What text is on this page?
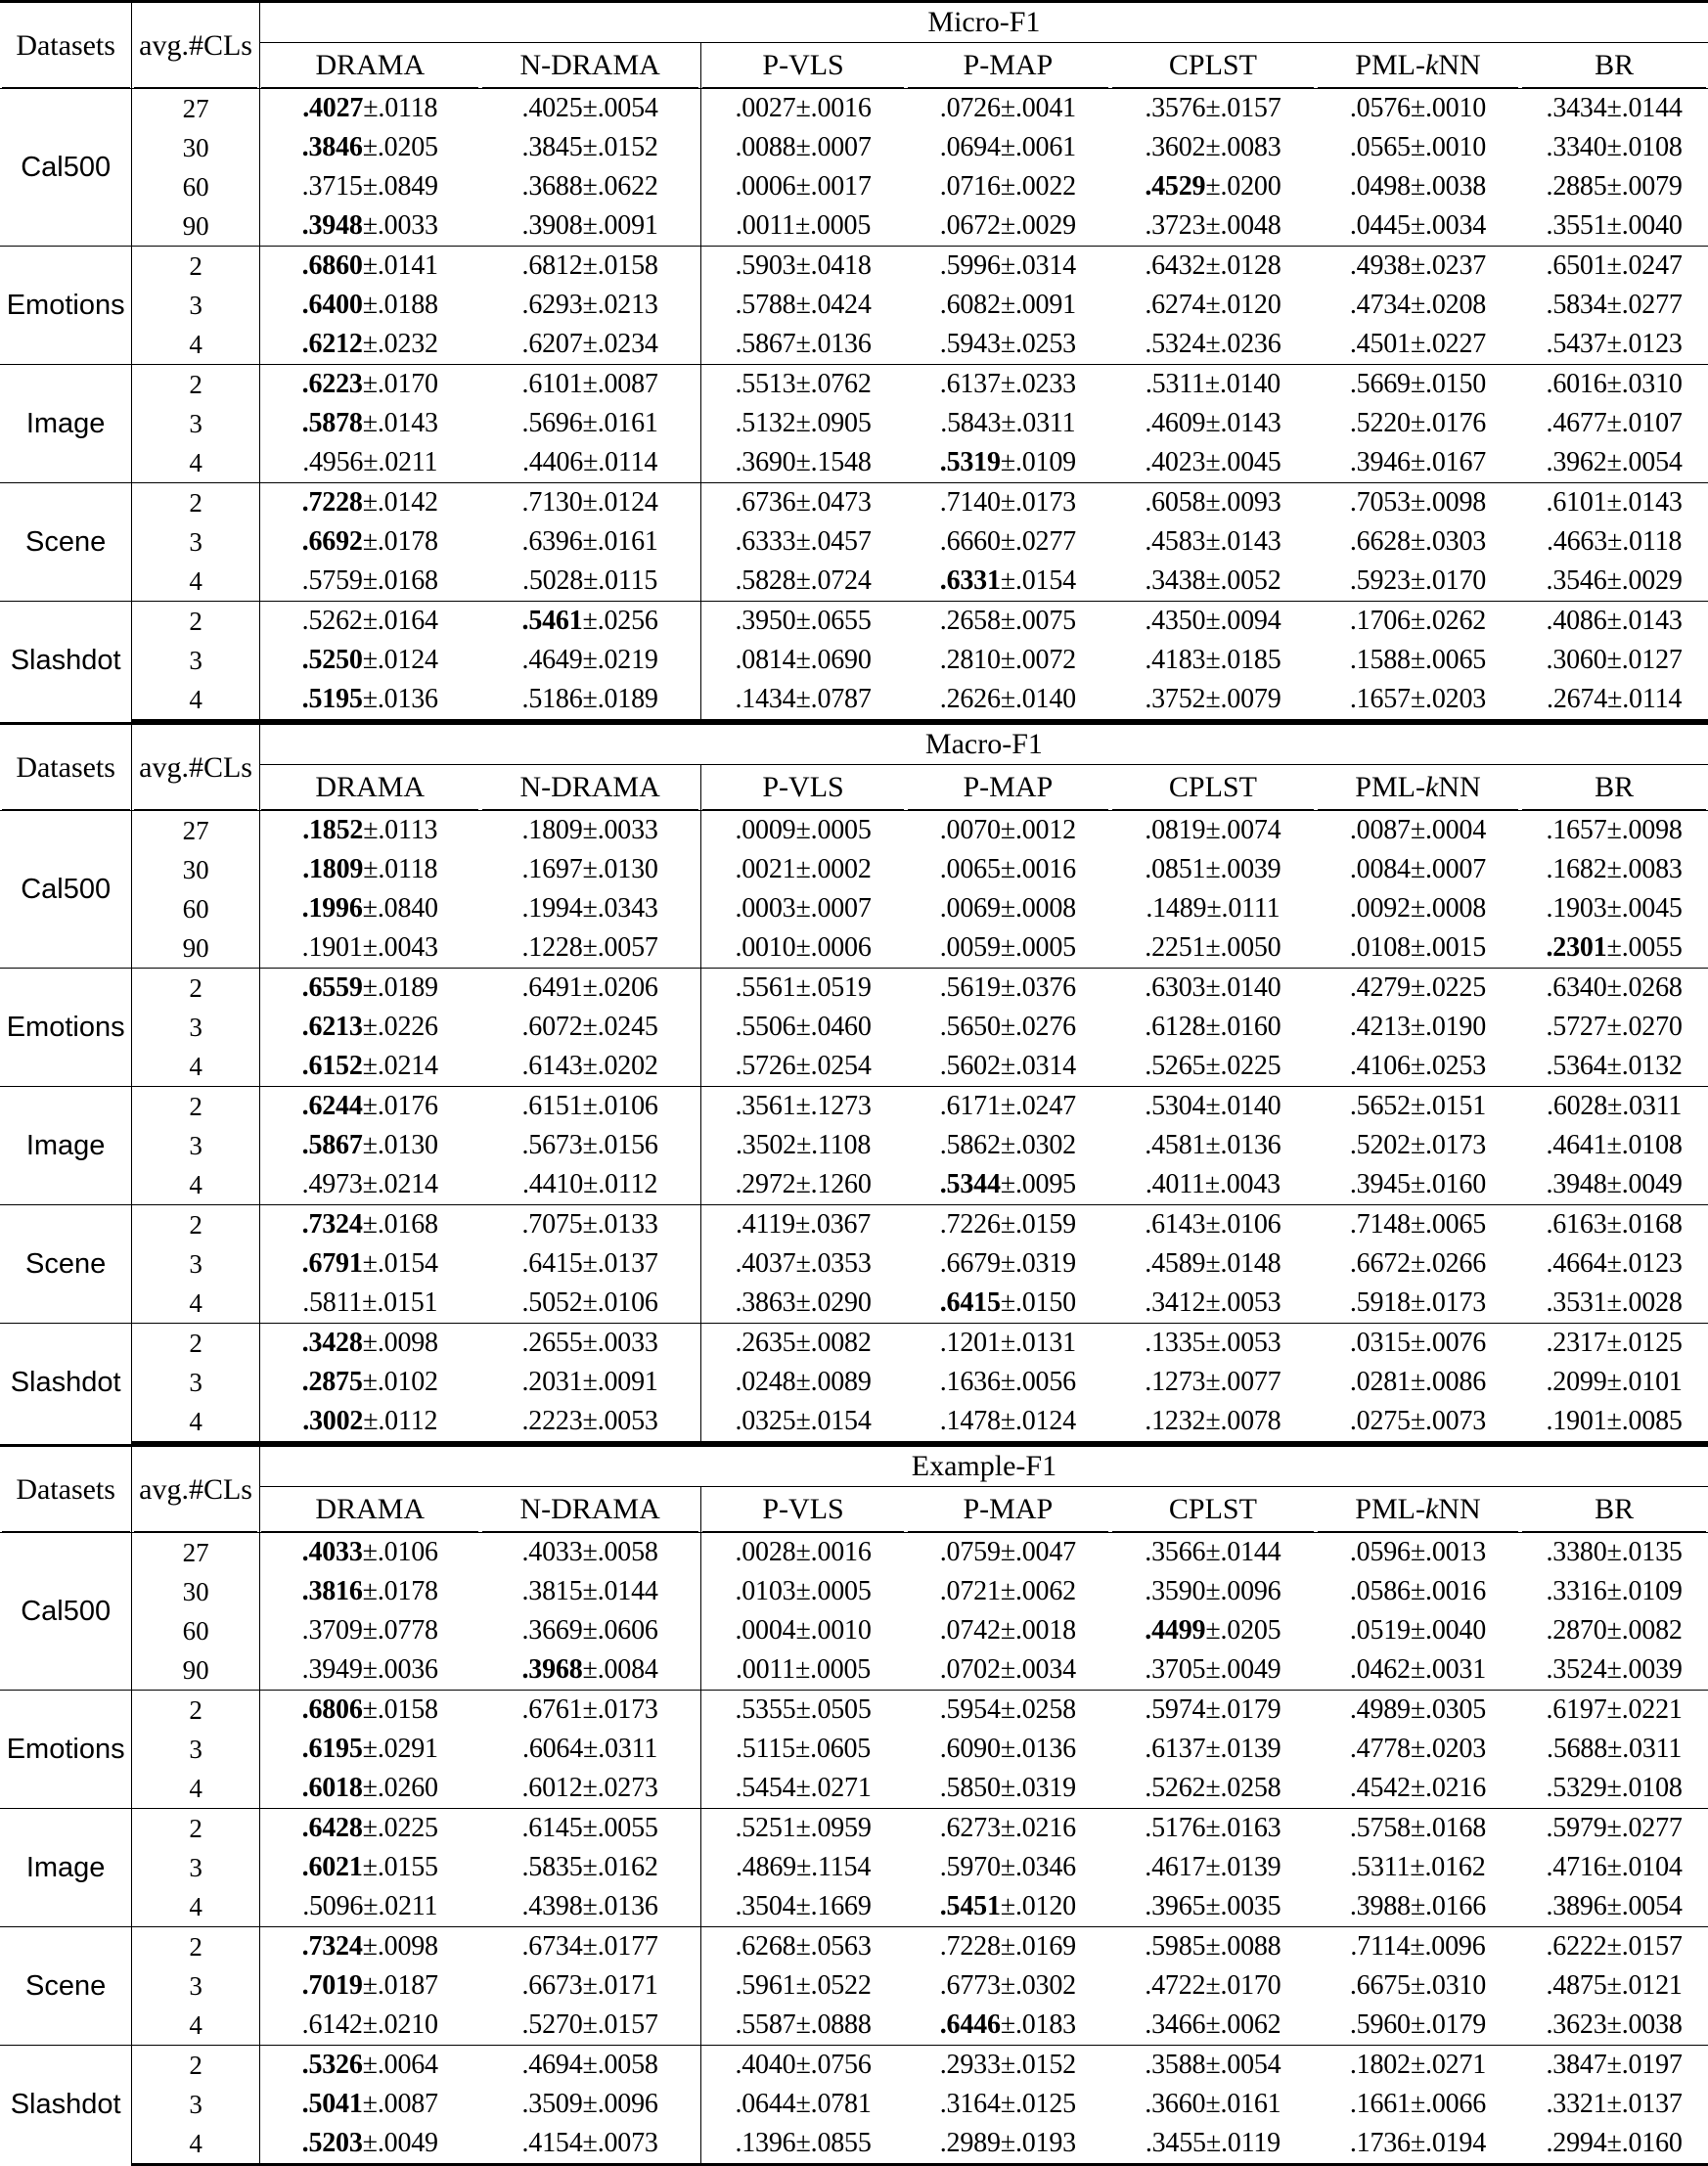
Datasets	avg.#CLs	Micro-F1						
		DRAMA	N-DRAMA	P-VLS	P-MAP	CPLST	PML-kNN	BR
Cal500	27	.4027±.0118	.4025±.0054	.0027±.0016	.0726±.0041	.3576±.0157	.0576±.0010	.3434±.0144
	30	.3846±.0205	.3845±.0152	.0088±.0007	.0694±.0061	.3602±.0083	.0565±.0010	.3340±.0108
	60	.3715±.0849	.3688±.0622	.0006±.0017	.0716±.0022	.4529±.0200	.0498±.0038	.2885±.0079
	90	.3948±.0033	.3908±.0091	.0011±.0005	.0672±.0029	.3723±.0048	.0445±.0034	.3551±.0040
Emotions	2	.6860±.0141	.6812±.0158	.5903±.0418	.5996±.0314	.6432±.0128	.4938±.0237	.6501±.0247
	3	.6400±.0188	.6293±.0213	.5788±.0424	.6082±.0091	.6274±.0120	.4734±.0208	.5834±.0277
	4	.6212±.0232	.6207±.0234	.5867±.0136	.5943±.0253	.5324±.0236	.4501±.0227	.5437±.0123
Image	2	.6223±.0170	.6101±.0087	.5513±.0762	.6137±.0233	.5311±.0140	.5669±.0150	.6016±.0310
	3	.5878±.0143	.5696±.0161	.5132±.0905	.5843±.0311	.4609±.0143	.5220±.0176	.4677±.0107
	4	.4956±.0211	.4406±.0114	.3690±.1548	.5319±.0109	.4023±.0045	.3946±.0167	.3962±.0054
Scene	2	.7228±.0142	.7130±.0124	.6736±.0473	.7140±.0173	.6058±.0093	.7053±.0098	.6101±.0143
	3	.6692±.0178	.6396±.0161	.6333±.0457	.6660±.0277	.4583±.0143	.6628±.0303	.4663±.0118
	4	.5759±.0168	.5028±.0115	.5828±.0724	.6331±.0154	.3438±.0052	.5923±.0170	.3546±.0029
Slashdot	2	.5262±.0164	.5461±.0256	.3950±.0655	.2658±.0075	.4350±.0094	.1706±.0262	.4086±.0143
	3	.5250±.0124	.4649±.0219	.0814±.0690	.2810±.0072	.4183±.0185	.1588±.0065	.3060±.0127
	4	.5195±.0136	.5186±.0189	.1434±.0787	.2626±.0140	.3752±.0079	.1657±.0203	.2674±.0114
Datasets	avg.#CLs	Macro-F1						
		DRAMA	N-DRAMA	P-VLS	P-MAP	CPLST	PML-kNN	BR
Cal500	27	.1852±.0113	.1809±.0033	.0009±.0005	.0070±.0012	.0819±.0074	.0087±.0004	.1657±.0098
	30	.1809±.0118	.1697±.0130	.0021±.0002	.0065±.0016	.0851±.0039	.0084±.0007	.1682±.0083
	60	.1996±.0840	.1994±.0343	.0003±.0007	.0069±.0008	.1489±.0111	.0092±.0008	.1903±.0045
	90	.1901±.0043	.1228±.0057	.0010±.0006	.0059±.0005	.2251±.0050	.0108±.0015	.2301±.0055
Emotions	2	.6559±.0189	.6491±.0206	.5561±.0519	.5619±.0376	.6303±.0140	.4279±.0225	.6340±.0268
	3	.6213±.0226	.6072±.0245	.5506±.0460	.5650±.0276	.6128±.0160	.4213±.0190	.5727±.0270
	4	.6152±.0214	.6143±.0202	.5726±.0254	.5602±.0314	.5265±.0225	.4106±.0253	.5364±.0132
Image	2	.6244±.0176	.6151±.0106	.3561±.1273	.6171±.0247	.5304±.0140	.5652±.0151	.6028±.0311
	3	.5867±.0130	.5673±.0156	.3502±.1108	.5862±.0302	.4581±.0136	.5202±.0173	.4641±.0108
	4	.4973±.0214	.4410±.0112	.2972±.1260	.5344±.0095	.4011±.0043	.3945±.0160	.3948±.0049
Scene	2	.7324±.0168	.7075±.0133	.4119±.0367	.7226±.0159	.6143±.0106	.7148±.0065	.6163±.0168
	3	.6791±.0154	.6415±.0137	.4037±.0353	.6679±.0319	.4589±.0148	.6672±.0266	.4664±.0123
	4	.5811±.0151	.5052±.0106	.3863±.0290	.6415±.0150	.3412±.0053	.5918±.0173	.3531±.0028
Slashdot	2	.3428±.0098	.2655±.0033	.2635±.0082	.1201±.0131	.1335±.0053	.0315±.0076	.2317±.0125
	3	.2875±.0102	.2031±.0091	.0248±.0089	.1636±.0056	.1273±.0077	.0281±.0086	.2099±.0101
	4	.3002±.0112	.2223±.0053	.0325±.0154	.1478±.0124	.1232±.0078	.0275±.0073	.1901±.0085
Datasets	avg.#CLs	Example-F1						
		DRAMA	N-DRAMA	P-VLS	P-MAP	CPLST	PML-kNN	BR
Cal500	27	.4033±.0106	.4033±.0058	.0028±.0016	.0759±.0047	.3566±.0144	.0596±.0013	.3380±.0135
	30	.3816±.0178	.3815±.0144	.0103±.0005	.0721±.0062	.3590±.0096	.0586±.0016	.3316±.0109
	60	.3709±.0778	.3669±.0606	.0004±.0010	.0742±.0018	.4499±.0205	.0519±.0040	.2870±.0082
	90	.3949±.0036	.3968±.0084	.0011±.0005	.0702±.0034	.3705±.0049	.0462±.0031	.3524±.0039
Emotions	2	.6806±.0158	.6761±.0173	.5355±.0505	.5954±.0258	.5974±.0179	.4989±.0305	.6197±.0221
	3	.6195±.0291	.6064±.0311	.5115±.0605	.6090±.0136	.6137±.0139	.4778±.0203	.5688±.0311
	4	.6018±.0260	.6012±.0273	.5454±.0271	.5850±.0319	.5262±.0258	.4542±.0216	.5329±.0108
Image	2	.6428±.0225	.6145±.0055	.5251±.0959	.6273±.0216	.5176±.0163	.5758±.0168	.5979±.0277
	3	.6021±.0155	.5835±.0162	.4869±.1154	.5970±.0346	.4617±.0139	.5311±.0162	.4716±.0104
	4	.5096±.0211	.4398±.0136	.3504±.1669	.5451±.0120	.3965±.0035	.3988±.0166	.3896±.0054
Scene	2	.7324±.0098	.6734±.0177	.6268±.0563	.7228±.0169	.5985±.0088	.7114±.0096	.6222±.0157
	3	.7019±.0187	.6673±.0171	.5961±.0522	.6773±.0302	.4722±.0170	.6675±.0310	.4875±.0121
	4	.6142±.0210	.5270±.0157	.5587±.0888	.6446±.0183	.3466±.0062	.5960±.0179	.3623±.0038
Slashdot	2	.5326±.0064	.4694±.0058	.4040±.0756	.2933±.0152	.3588±.0054	.1802±.0271	.3847±.0197
	3	.5041±.0087	.3509±.0096	.0644±.0781	.3164±.0125	.3660±.0161	.1661±.0066	.3321±.0137
	4	.5203±.0049	.4154±.0073	.1396±.0855	.2989±.0193	.3455±.0119	.1736±.0194	.2994±.0160
